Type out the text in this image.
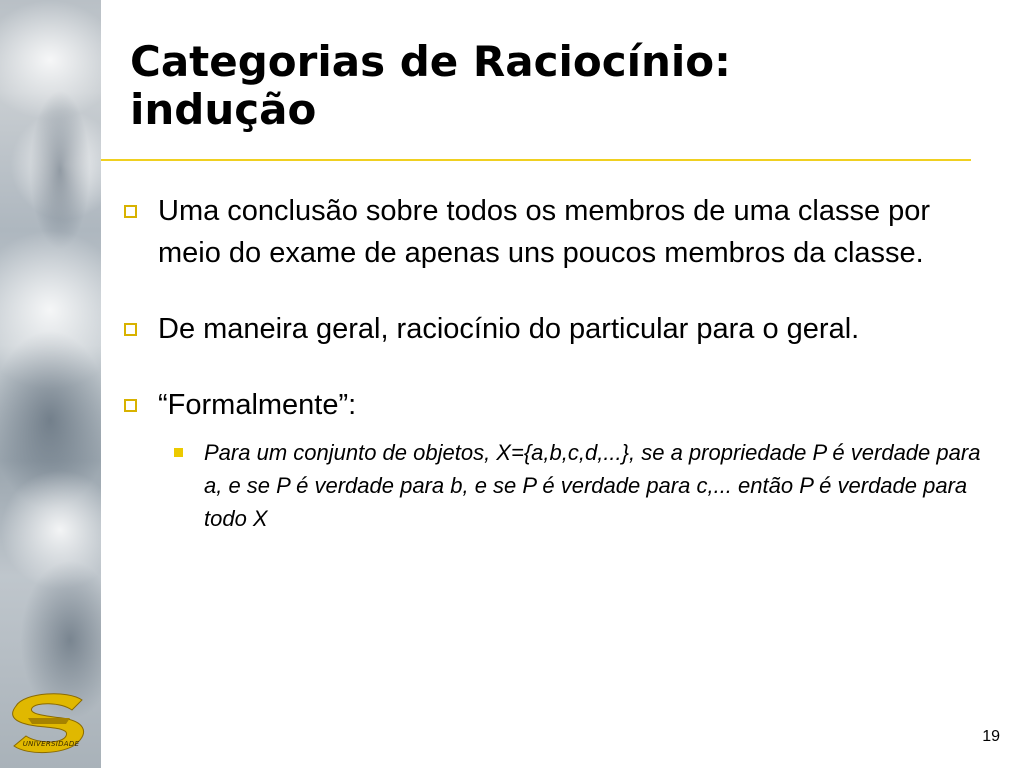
UNIVERSIDADE
Categorias de Raciocínio:
indução
Uma conclusão sobre todos os membros de uma classe por meio do exame de apenas uns poucos membros da classe.
De maneira geral, raciocínio do particular para o geral.
“Formalmente”:
Para um conjunto de objetos, X={a,b,c,d,...}, se a propriedade P é verdade para a, e se P é verdade para b, e se P é verdade para c,... então P é verdade para todo X
19
